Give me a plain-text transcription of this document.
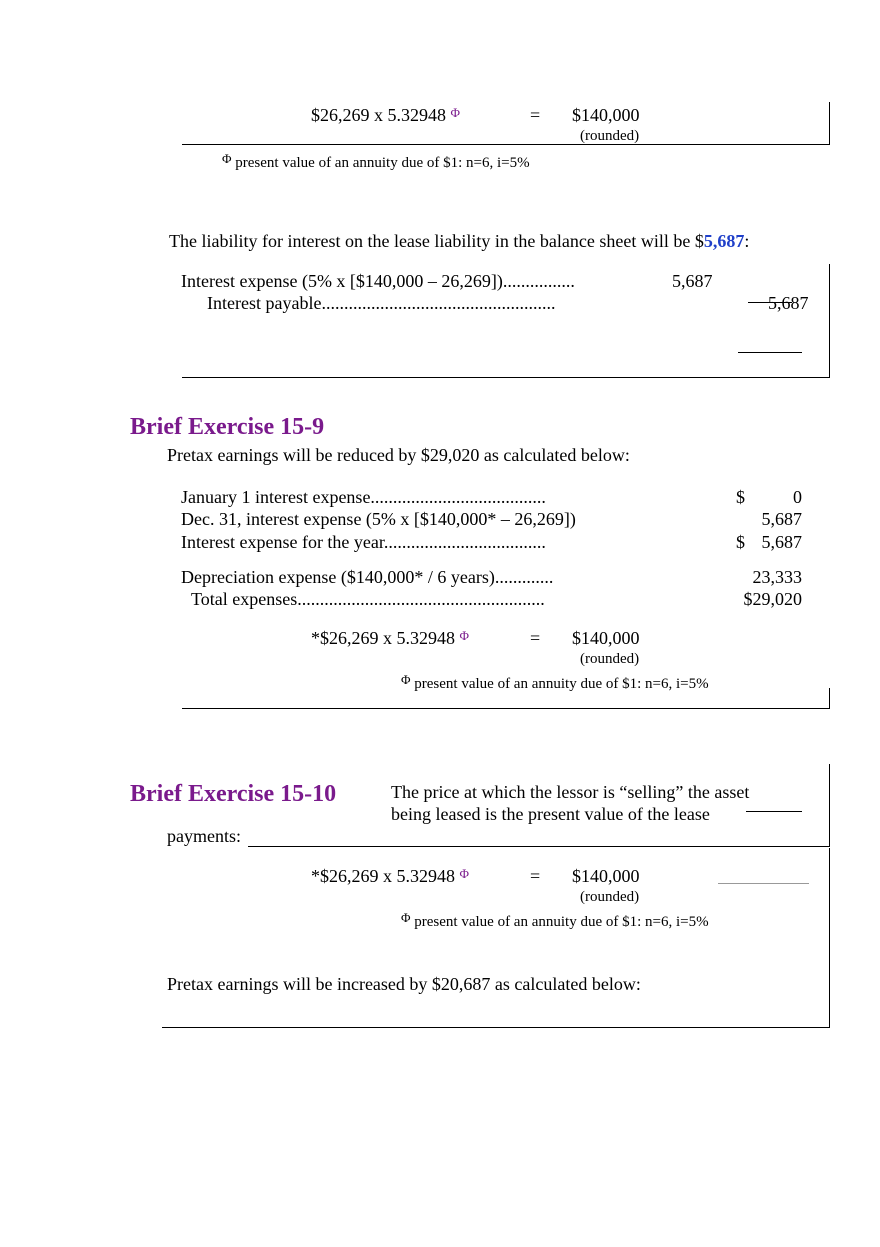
$26,269 x 5.32948 $^\Phi$	= $140,000
(rounded)
Φ present value of an annuity due of $1: n=6, i=5%
The liability for interest on the lease liability in the balance sheet will be $5,687:
Interest expense (5% x [$140,000 – 26,269])................	5,687
Interest payable....................................................	5,687
Brief Exercise 15-9
Pretax earnings will be reduced by $29,020 as calculated below:
January 1 interest expense.......................................	$	0
Dec. 31, interest expense (5% x [$140,000* – 26,269])	5,687
Interest expense for the year....................................	$ 5,687
Depreciation expense ($140,000* / 6 years).............	23,333
Total expenses.......................................................	$29,020
*$26,269 x 5.32948 $^\Phi$	= $140,000
(rounded)
Φ present value of an annuity due of $1: n=6, i=5%
Brief Exercise 15-10	The price at which the lessor is “selling” the asset
being leased is the present value of the lease
payments:
*$26,269 x 5.32948 $^\Phi$	= $140,000
(rounded)
Φ present value of an annuity due of $1: n=6, i=5%
Pretax earnings will be increased by $20,687 as calculated below:
